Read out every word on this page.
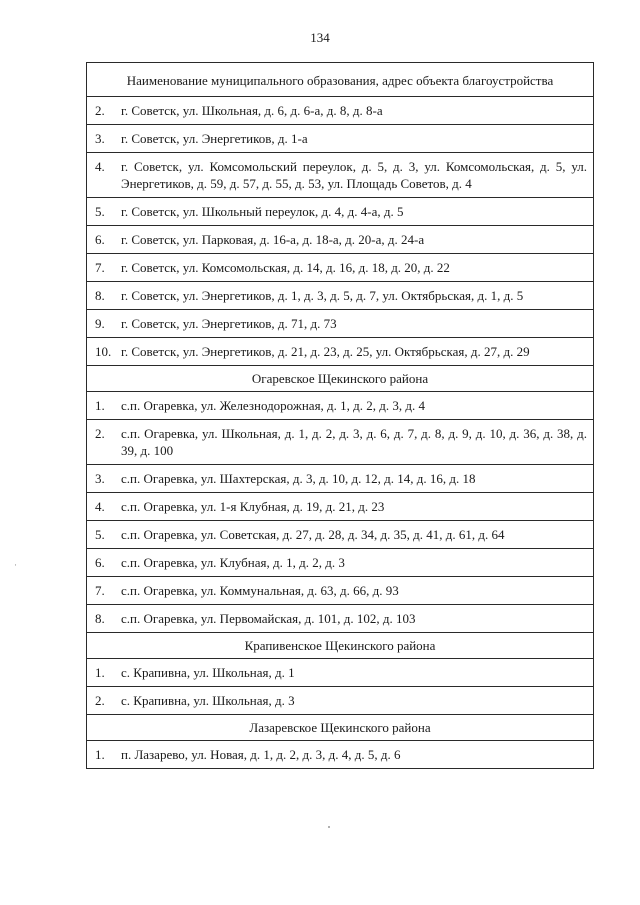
134
Наименование муниципального образования, адрес объекта благоустройства

2.	г. Советск, ул. Школьная, д. 6, д. 6-а, д. 8, д. 8-а

3.	г. Советск, ул. Энергетиков, д. 1-а

4.	г. Советск, ул. Комсомольский переулок, д. 5, д. 3, ул. Комсомольская, д. 5, ул. Энергетиков, д. 59, д. 57, д. 55, д. 53, ул. Площадь Советов, д. 4

5.	г. Советск, ул. Школьный переулок, д. 4, д. 4-а, д. 5

6.	г. Советск, ул. Парковая, д. 16-а, д. 18-а, д. 20-а, д. 24-а

7.	г. Советск, ул. Комсомольская, д. 14, д. 16, д. 18, д. 20, д. 22

8.	г. Советск, ул. Энергетиков, д. 1, д. 3, д. 5, д. 7, ул. Октябрьская, д. 1, д. 5

9.	г. Советск, ул. Энергетиков, д. 71, д. 73

10. г. Советск, ул. Энергетиков, д. 21, д. 23, д. 25, ул. Октябрьская, д. 27, д. 29

Огаревское Щекинского района

1.	с.п. Огаревка, ул. Железнодорожная, д. 1, д. 2, д. 3, д. 4

2.	с.п. Огаревка, ул. Школьная, д. 1, д. 2, д. 3, д. 6, д. 7, д. 8, д. 9, д. 10, д. 36, д. 38, д. 39, д. 100

3.	с.п. Огаревка, ул. Шахтерская, д. 3, д. 10, д. 12, д. 14, д. 16, д. 18

4.	с.п. Огаревка, ул. 1-я Клубная, д. 19, д. 21, д. 23

5.	с.п. Огаревка, ул. Советская, д. 27, д. 28, д. 34, д. 35, д. 41, д. 61, д. 64

6.	с.п. Огаревка, ул. Клубная, д. 1, д. 2, д. 3

7.	с.п. Огаревка, ул. Коммунальная, д. 63, д. 66, д. 93

8.	с.п. Огаревка, ул. Первомайская, д. 101, д. 102, д. 103

Крапивенское Щекинского района

1.	с. Крапивна, ул. Школьная, д. 1

2.	с. Крапивна, ул. Школьная, д. 3

Лазаревское Щекинского района

1.	п. Лазарево, ул. Новая, д. 1, д. 2, д. 3, д. 4, д. 5, д. 6
·
